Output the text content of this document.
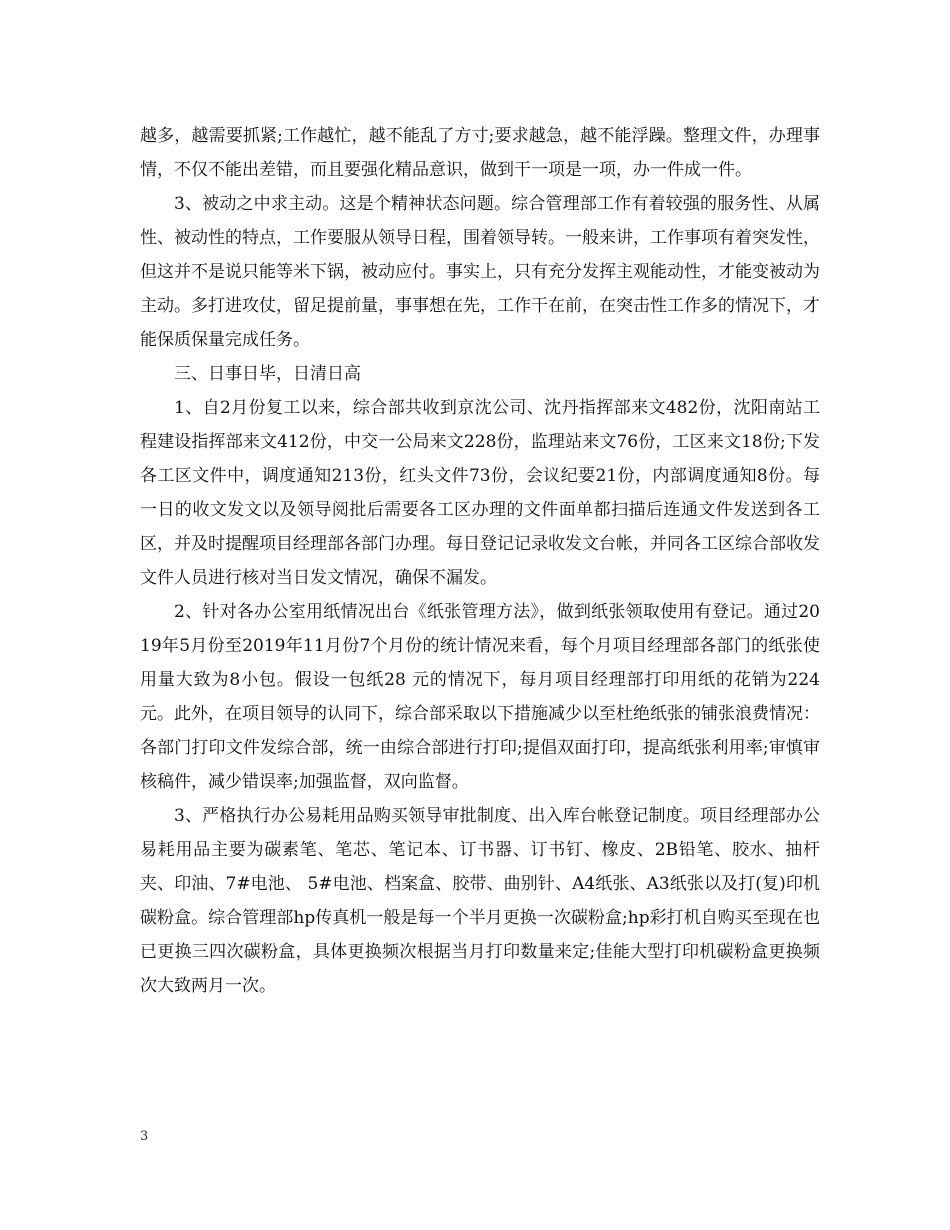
越多，越需要抓紧;工作越忙，越不能乱了方寸;要求越急，越不能浮躁。整理文件，办理事情，不仅不能出差错，而且要强化精品意识，做到干一项是一项，办一件成一件。

3、被动之中求主动。这是个精神状态问题。综合管理部工作有着较强的服务性、从属性、被动性的特点，工作要服从领导日程，围着领导转。一般来讲，工作事项有着突发性，但这并不是说只能等米下锅，被动应付。事实上，只有充分发挥主观能动性，才能变被动为主动。多打进攻仗，留足提前量，事事想在先，工作干在前，在突击性工作多的情况下，才能保质保量完成任务。

三、日事日毕，日清日高

1、自2月份复工以来，综合部共收到京沈公司、沈丹指挥部来文482份，沈阳南站工程建设指挥部来文412份，中交一公局来文228份，监理站来文76份，工区来文18份;下发各工区文件中，调度通知213份，红头文件73份，会议纪要21份，内部调度通知8份。每一日的收文发文以及领导阅批后需要各工区办理的文件面单都扫描后连通文件发送到各工区，并及时提醒项目经理部各部门办理。每日登记记录收发文台帐，并同各工区综合部收发文件人员进行核对当日发文情况，确保不漏发。

2、针对各办公室用纸情况出台《纸张管理方法》，做到纸张领取使用有登记。通过2019年5月份至2019年11月份7个月份的统计情况来看，每个月项目经理部各部门的纸张使用量大致为8小包。假设一包纸28 元的情况下，每月项目经理部打印用纸的花销为224元。此外，在项目领导的认同下，综合部采取以下措施减少以至杜绝纸张的铺张浪费情况：各部门打印文件发综合部，统一由综合部进行打印;提倡双面打印，提高纸张利用率;审慎审核稿件，减少错误率;加强监督，双向监督。

3、严格执行办公易耗用品购买领导审批制度、出入库台帐登记制度。项目经理部办公易耗用品主要为碳素笔、笔芯、笔记本、订书器、订书钉、橡皮、2B铅笔、胶水、抽杆夹、印油、7#电池、 5#电池、档案盒、胶带、曲别针、A4纸张、A3纸张以及打(复)印机碳粉盒。综合管理部hp传真机一般是每一个半月更换一次碳粉盒;hp彩打机自购买至现在也已更换三四次碳粉盒，具体更换频次根据当月打印数量来定;佳能大型打印机碳粉盒更换频次大致两月一次。

3
